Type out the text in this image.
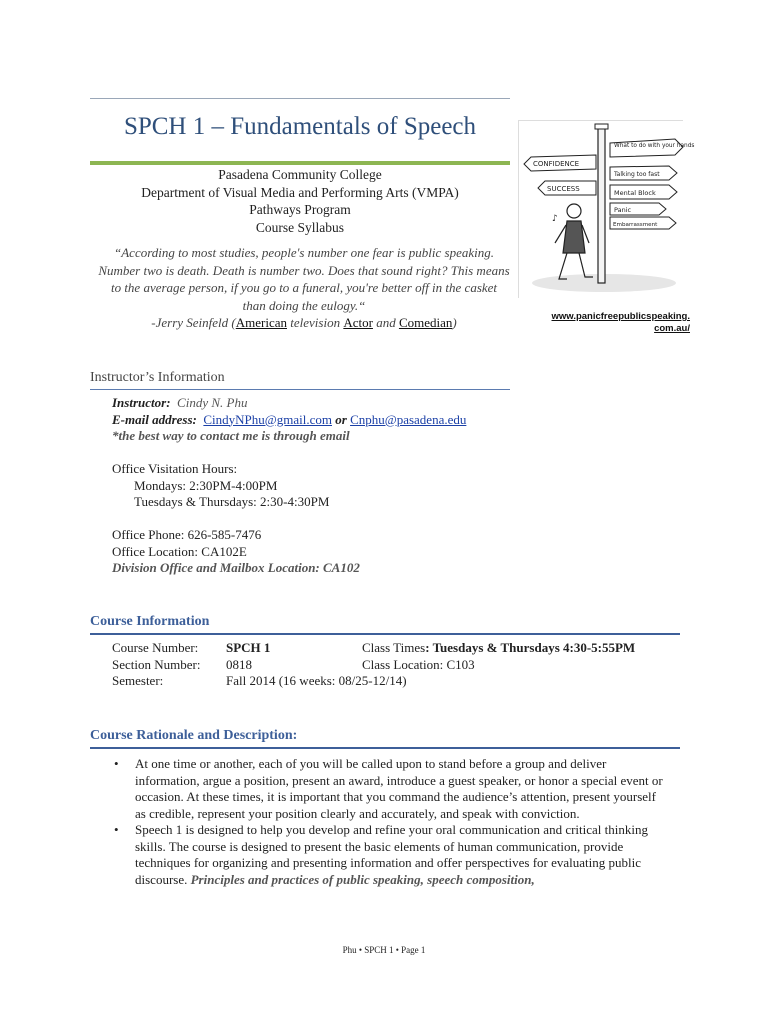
SPCH 1 – Fundamentals of Speech
Pasadena Community College
Department of Visual Media and Performing Arts (VMPA)
Pathways Program
Course Syllabus
“According to most studies, people's number one fear is public speaking. Number two is death. Death is number two. Does that sound right? This means to the average person, if you go to a funeral, you're better off in the casket than doing the eulogy.“
-Jerry Seinfeld (American television Actor and Comedian)
What to do with your hands
Talking too fast
Mental Block
Panic
Embarrassment
CONFIDENCE
SUCCESS
♪
www.panicfreepublicspeaking.
com.au/
Instructor’s Information
Instructor: Cindy N. Phu
E-mail address: CindyNPhu@gmail.com or Cnphu@pasadena.edu
*the best way to contact me is through email
Office Visitation Hours:
Mondays: 2:30PM-4:00PM
Tuesdays & Thursdays: 2:30-4:30PM
Office Phone: 626-585-7476
Office Location: CA102E
Division Office and Mailbox Location: CA102
Course Information
Course Number: SPCH 1	Class Times: Tuesdays & Thursdays 4:30-5:55PM
Section Number: 0818	Class Location: C103
Semester:	Fall 2014 (16 weeks: 08/25-12/14)
Course Rationale and Description:
• At one time or another, each of you will be called upon to stand before a group and deliver information, argue a position, present an award, introduce a guest speaker, or honor a special event or occasion. At these times, it is important that you command the audience’s attention, present yourself as credible, represent your position clearly and accurately, and speak with conviction.
• Speech 1 is designed to help you develop and refine your oral communication and critical thinking skills. The course is designed to present the basic elements of human communication, provide techniques for organizing and presenting information and offer perspectives for evaluating public discourse. Principles and practices of public speaking, speech composition,
Phu • SPCH 1 • Page 1
